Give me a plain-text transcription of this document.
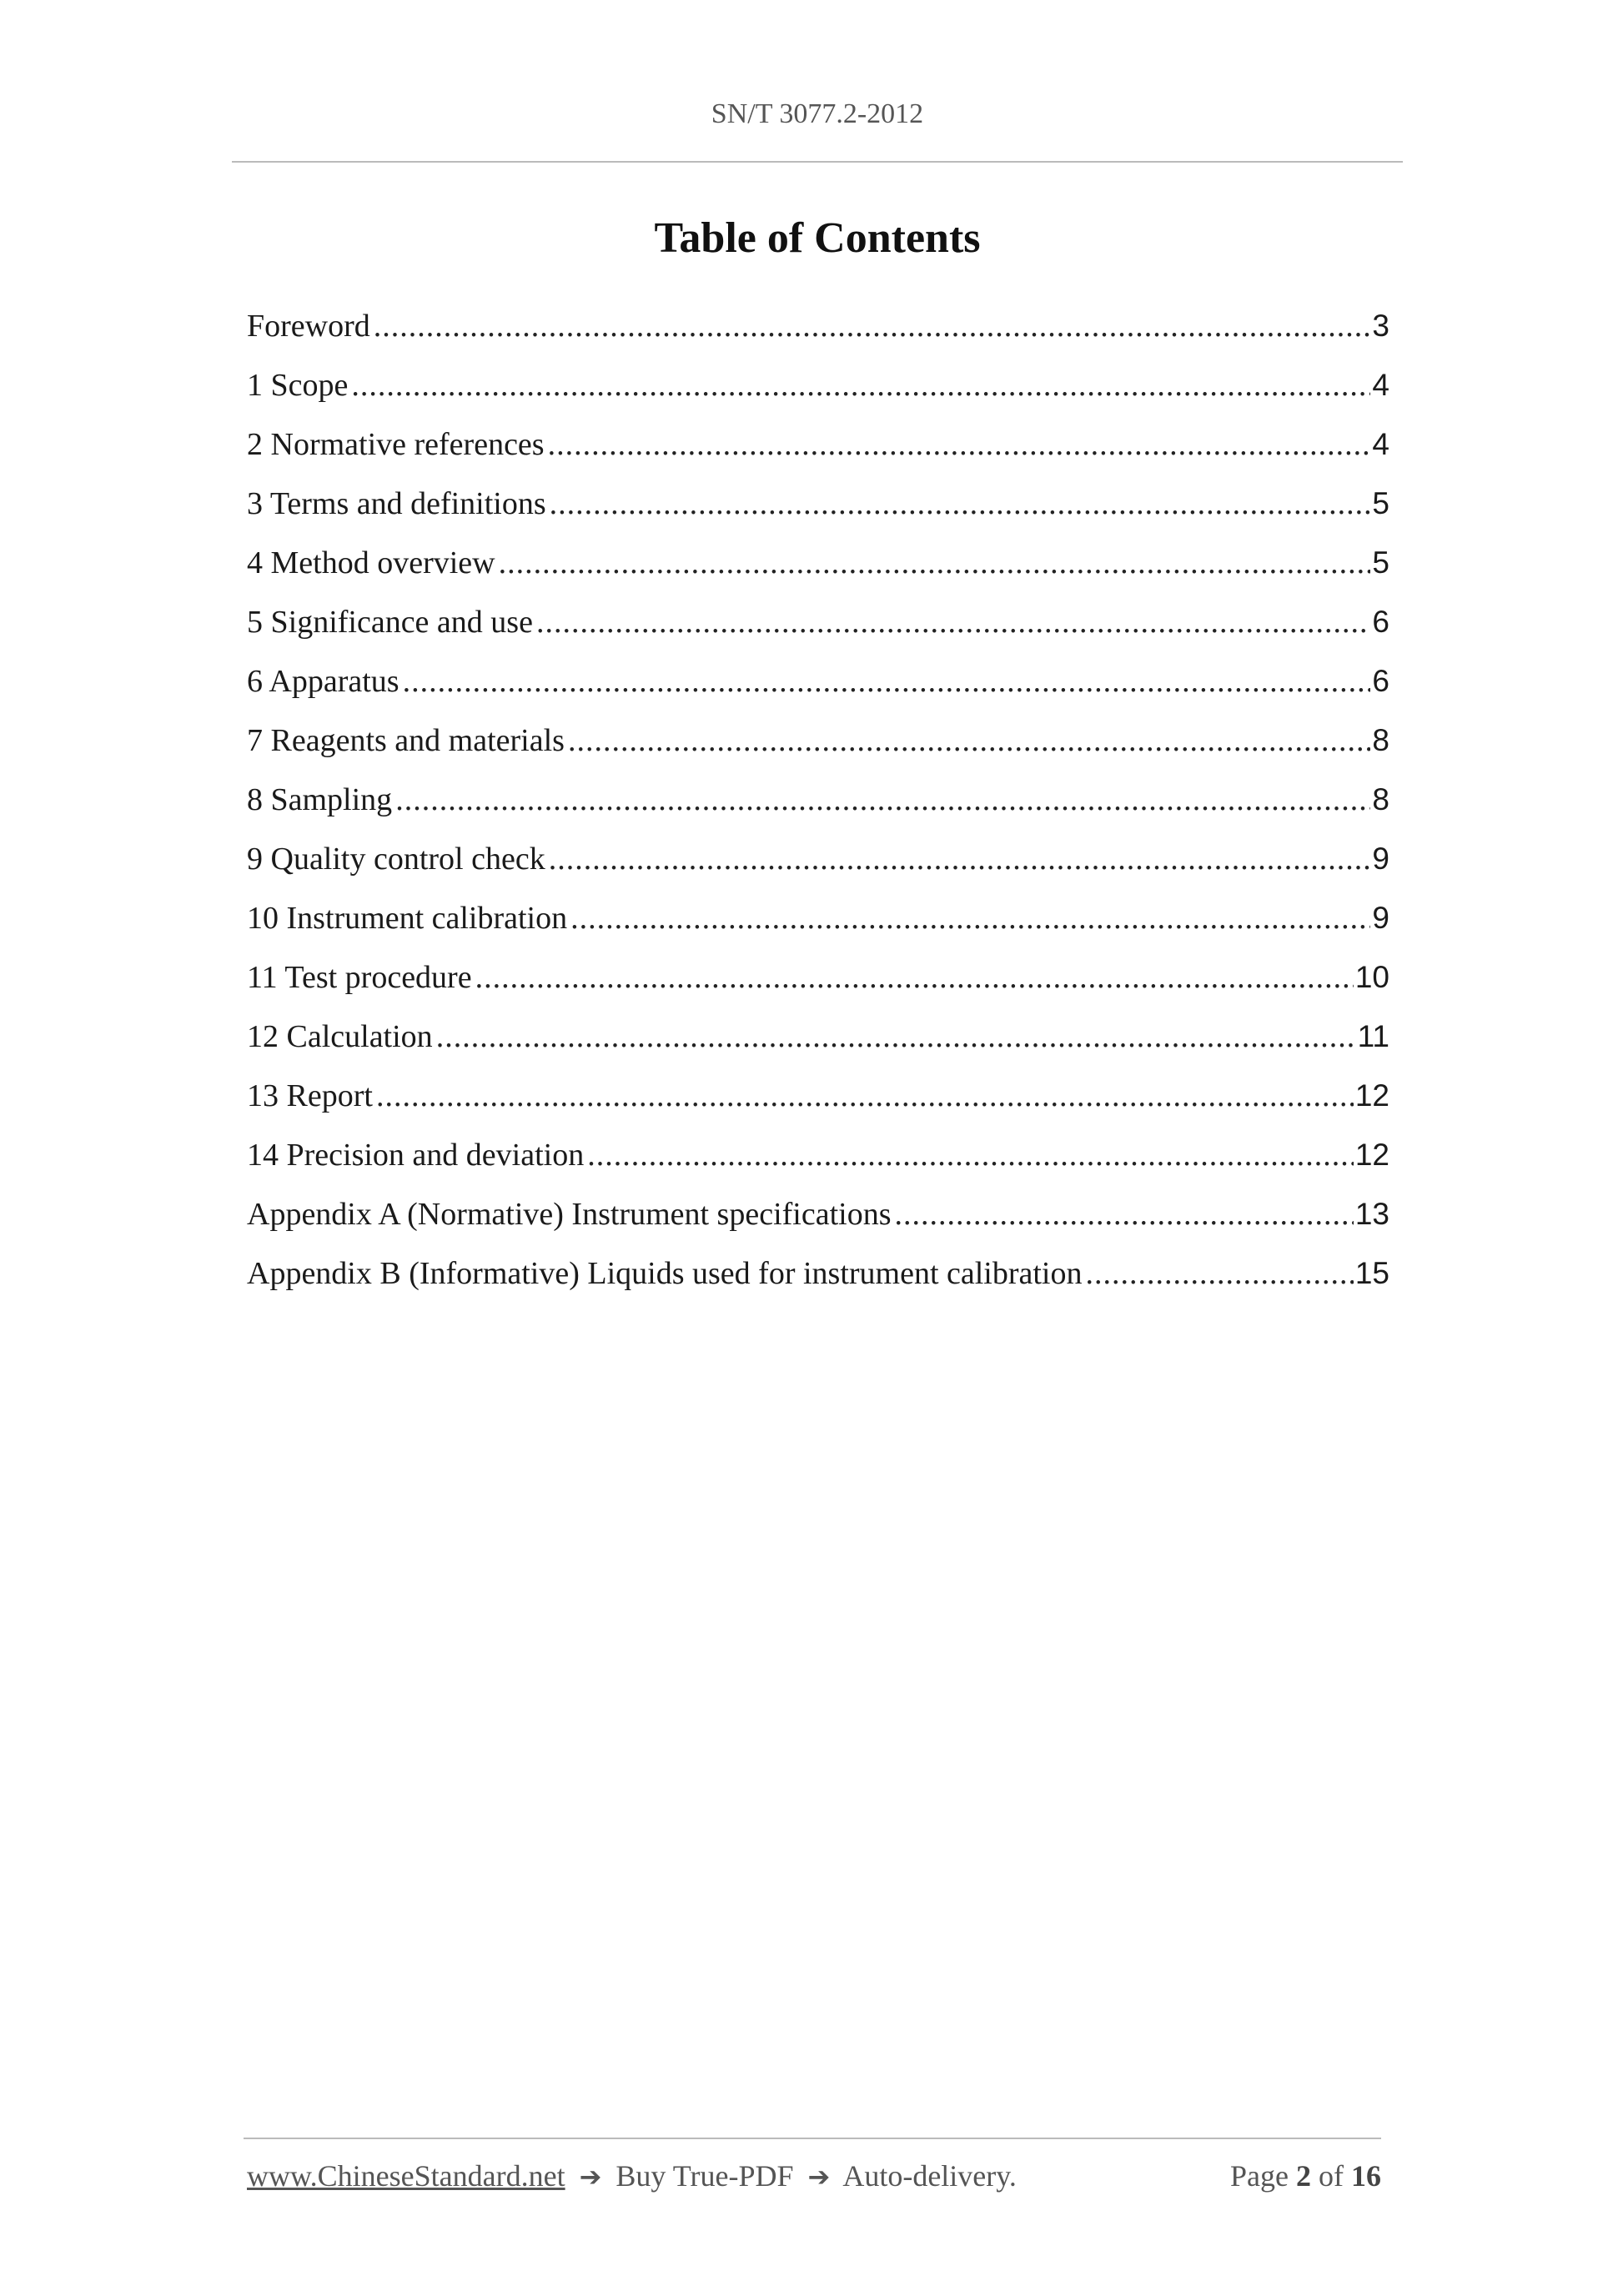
SN/T 3077.2-2012
Table of Contents
Foreword .....	3
1 Scope .....	4
2 Normative references .....	4
3 Terms and definitions .....	5
4 Method overview .....	5
5 Significance and use .....	6
6 Apparatus .....	6
7 Reagents and materials .....	8
8 Sampling .....	8
9 Quality control check .....	9
10 Instrument calibration .....	9
11 Test procedure .....	10
12 Calculation .....	11
13 Report .....	12
14 Precision and deviation .....	12
Appendix A (Normative) Instrument specifications .....	13
Appendix B (Informative) Liquids used for instrument calibration .....	15
www.ChineseStandard.net ➔ Buy True-PDF ➔ Auto-delivery.	Page 2 of 16
